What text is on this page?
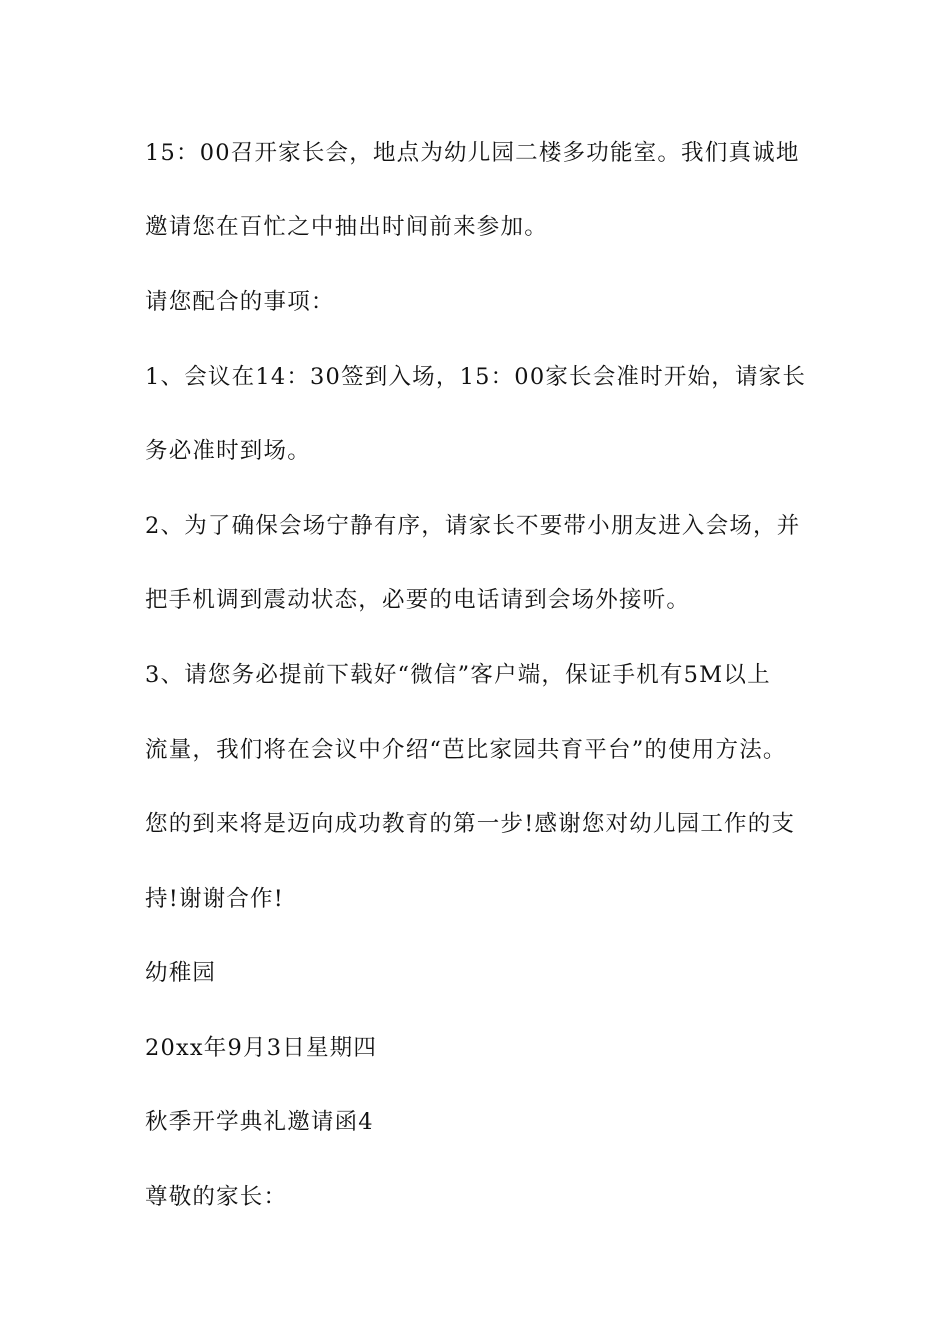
15：00召开家长会，地点为幼儿园二楼多功能室。我们真诚地
邀请您在百忙之中抽出时间前来参加。
请您配合的事项：
1、会议在14：30签到入场，15：00家长会准时开始，请家长
务必准时到场。
2、为了确保会场宁静有序，请家长不要带小朋友进入会场，并
把手机调到震动状态，必要的电话请到会场外接听。
3、请您务必提前下载好“微信”客户端，保证手机有5M以上
流量，我们将在会议中介绍“芭比家园共育平台”的使用方法。
您的到来将是迈向成功教育的第一步!感谢您对幼儿园工作的支
持!谢谢合作!
幼稚园
20xx年9月3日星期四
秋季开学典礼邀请函4
尊敬的家长：
